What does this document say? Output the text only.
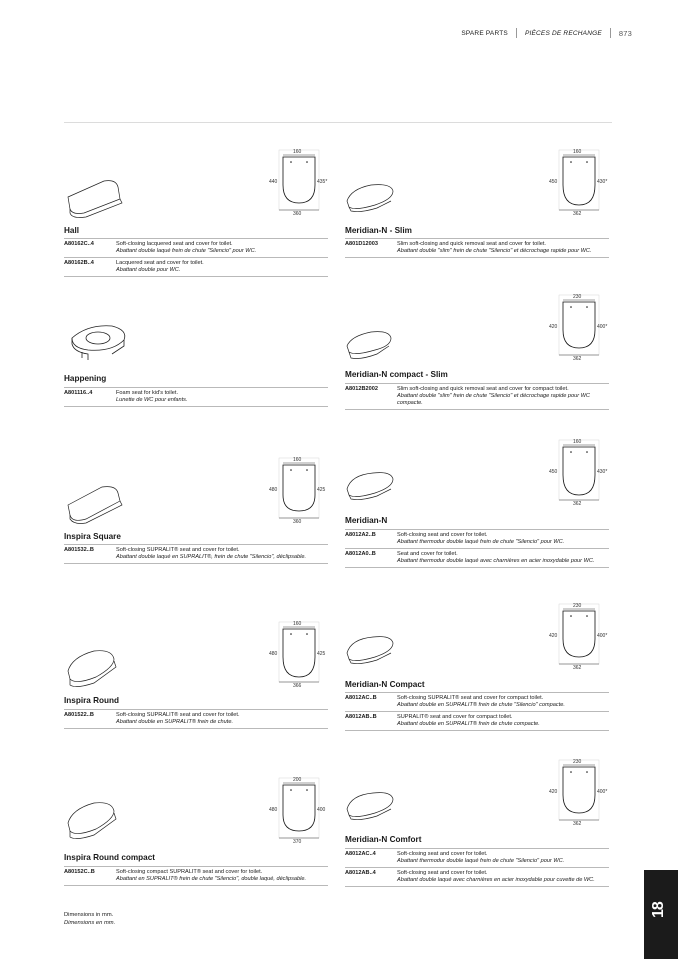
SPARE PARTS	PIÈCES DE RECHANGE 873
160
440	435*
360
Hall
A80162C..4	Soft-closing lacquered seat and cover for toilet.
Abattant double laqué frein de chute "Silencio" pour WC.
A80162B..4	Lacquered seat and cover for toilet.
Abattant double pour WC.
160
450	430*
362
Meridian-N - Slim
A801D12003	Slim soft-closing and quick removal seat and cover for toilet.
Abattant double "slim" frein de chute "Silencio" et décrochage rapide pour WC.
Happening
A801116..4	Foam seat for kid's toilet.
Lunette de WC pour enfants.
230
420	400*
362
Meridian-N compact - Slim
A8012B2002	Slim soft-closing and quick removal seat and cover for compact toilet.
Abattant double "slim" frein de chute "Silencio" et décrochage rapide pour WC compacte.
160
480	425
360
Inspira Square
A801532..B	Soft-closing SUPRALIT® seat and cover for toilet.
Abattant double laqué en SUPRALIT®, frein de chute "Silencio", déclipsable.
160
450	430*
362
Meridian-N
A8012A2..B	Soft-closing seat and cover for toilet.
Abattant thermodur double laqué frein de chute "Silencio" pour WC.
A8012A0..B	Seat and cover for toilet.
Abattant thermodur double laqué avec charnières en acier inoxydable pour WC.
160
480	425
366
Inspira Round
A801522..B	Soft-closing SUPRALIT® seat and cover for toilet.
Abattant double en SUPRALIT® frein de chute.
230
420	400*
362
Meridian-N Compact
A8012AC..B	Soft-closing SUPRALIT® seat and cover for compact toilet.
Abattant double en SUPRALIT® frein de chute "Silencio" compacte.
A8012AB..B	SUPRALIT® seat and cover for compact toilet.
Abattant double en SUPRALIT® frein de chute compacte.
200
480	400
370
Inspira Round compact
A80152C..B	Soft-closing compact SUPRALIT® seat and cover for toilet.
Abattant en SUPRALIT® frein de chute "Silencio", double laqué, déclipsable.
230
420	400*
362
Meridian-N Comfort
A8012AC..4	Soft-closing seat and cover for toilet.
Abattant thermodur double laqué frein de chute "Silencio" pour WC.
A8012AB..4	Soft-closing seat and cover for toilet.
Abattant double laqué avec charnières en acier inoxydable pour cuvette de WC.
Dimensions in mm.
Dimensions en mm.
18
